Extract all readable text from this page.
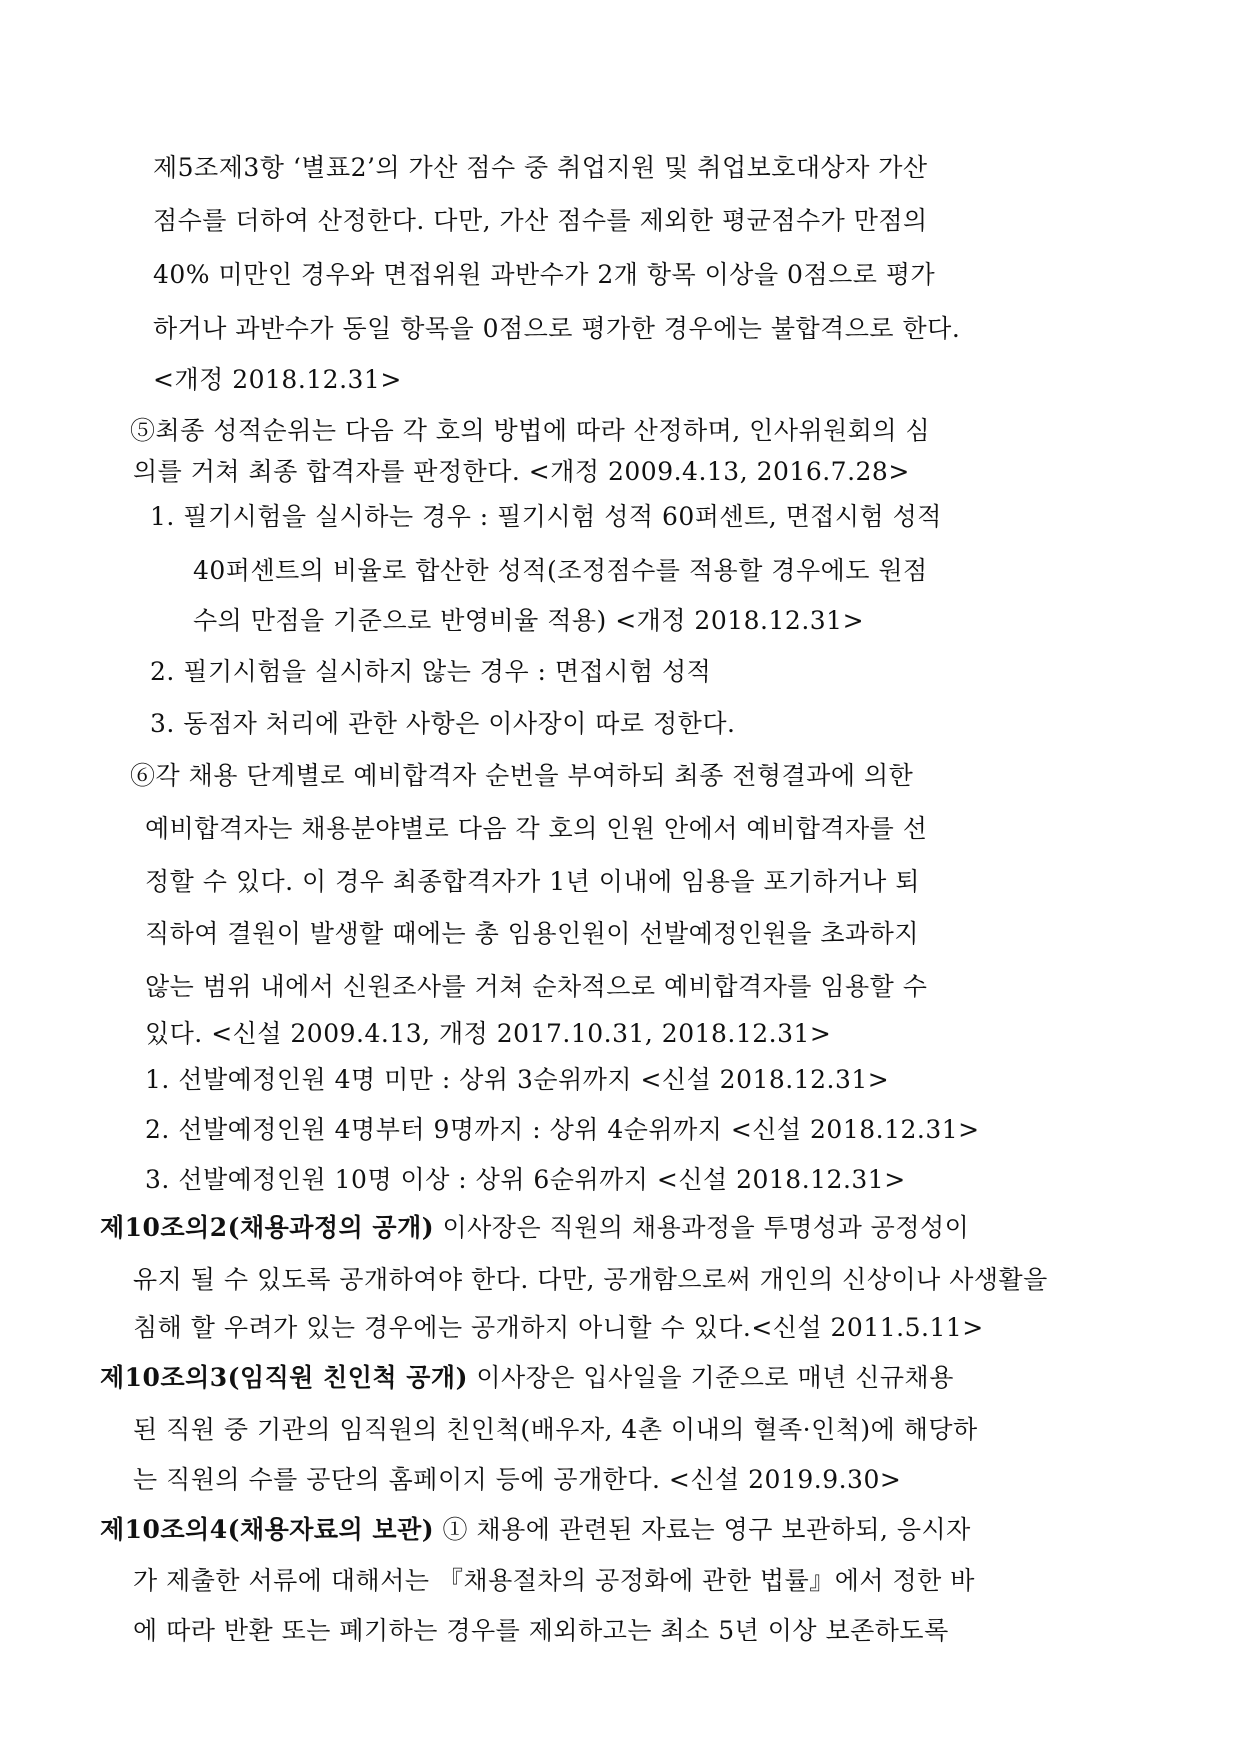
제5조제3항 ‘별표2’의 가산 점수 중 취업지원 및 취업보호대상자 가산
점수를 더하여 산정한다. 다만, 가산 점수를 제외한 평균점수가 만점의
40% 미만인 경우와 면접위원 과반수가 2개 항목 이상을 0점으로 평가
하거나 과반수가 동일 항목을 0점으로 평가한 경우에는 불합격으로 한다.
<개정 2018.12.31>
⑤최종 성적순위는 다음 각 호의 방법에 따라 산정하며, 인사위원회의 심
의를 거쳐 최종 합격자를 판정한다. <개정 2009.4.13, 2016.7.28>
1. 필기시험을 실시하는 경우 : 필기시험 성적 60퍼센트, 면접시험 성적
40퍼센트의 비율로 합산한 성적(조정점수를 적용할 경우에도 원점
수의 만점을 기준으로 반영비율 적용) <개정 2018.12.31>
2. 필기시험을 실시하지 않는 경우 : 면접시험 성적
3. 동점자 처리에 관한 사항은 이사장이 따로 정한다.
⑥각 채용 단계별로 예비합격자 순번을 부여하되 최종 전형결과에 의한
예비합격자는 채용분야별로 다음 각 호의 인원 안에서 예비합격자를 선
정할 수 있다. 이 경우 최종합격자가 1년 이내에 임용을 포기하거나 퇴
직하여 결원이 발생할 때에는 총 임용인원이 선발예정인원을 초과하지
않는 범위 내에서 신원조사를 거쳐 순차적으로 예비합격자를 임용할 수
있다. <신설 2009.4.13, 개정 2017.10.31, 2018.12.31>
1. 선발예정인원 4명 미만 : 상위 3순위까지 <신설 2018.12.31>
2. 선발예정인원 4명부터 9명까지 : 상위 4순위까지 <신설 2018.12.31>
3. 선발예정인원 10명 이상 : 상위 6순위까지 <신설 2018.12.31>
제10조의2(채용과정의 공개) 이사장은 직원의 채용과정을 투명성과 공정성이
유지 될 수 있도록 공개하여야 한다. 다만, 공개함으로써 개인의 신상이나 사생활을
침해 할 우려가 있는 경우에는 공개하지 아니할 수 있다.<신설 2011.5.11>
제10조의3(임직원 친인척 공개) 이사장은 입사일을 기준으로 매년 신규채용
된 직원 중 기관의 임직원의 친인척(배우자, 4촌 이내의 혈족·인척)에 해당하
는 직원의 수를 공단의 홈페이지 등에 공개한다. <신설 2019.9.30>
제10조의4(채용자료의 보관) ① 채용에 관련된 자료는 영구 보관하되, 응시자
가 제출한 서류에 대해서는 『채용절차의 공정화에 관한 법률』에서 정한 바
에 따라 반환 또는 폐기하는 경우를 제외하고는 최소 5년 이상 보존하도록
